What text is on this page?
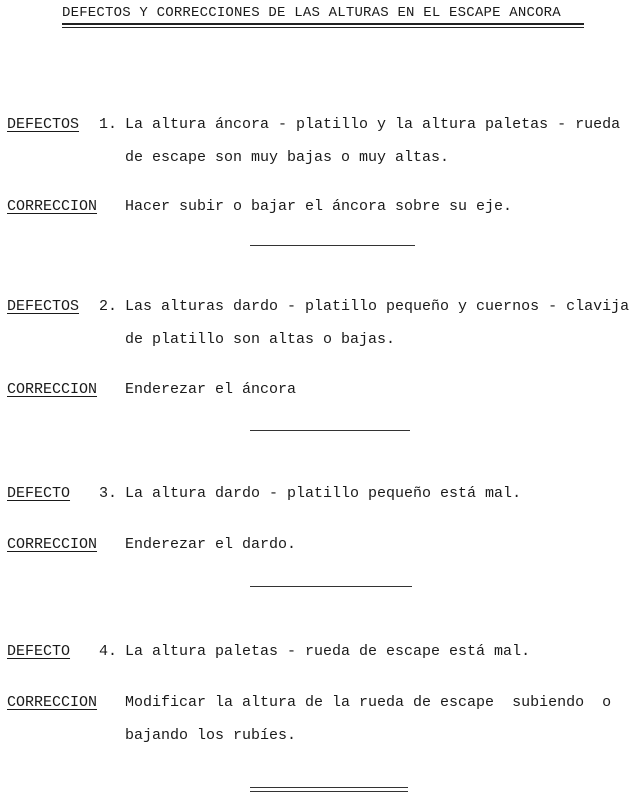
DEFECTOS Y CORRECCIONES DE LAS ALTURAS EN EL ESCAPE ANCORA
DEFECTOS 1. La altura áncora - platillo y la altura paletas - rueda
de escape son muy bajas o muy altas.
CORRECCION Hacer subir o bajar el áncora sobre su eje.
DEFECTOS 2. Las alturas dardo - platillo pequeño y cuernos - clavija
de platillo son altas o bajas.
CORRECCION Enderezar el áncora
DEFECTO 3. La altura dardo - platillo pequeño está mal.
CORRECCION Enderezar el dardo.
DEFECTO 4. La altura paletas - rueda de escape está mal.
CORRECCION Modificar la altura de la rueda de escape  subiendo  o
bajando los rubíes.
